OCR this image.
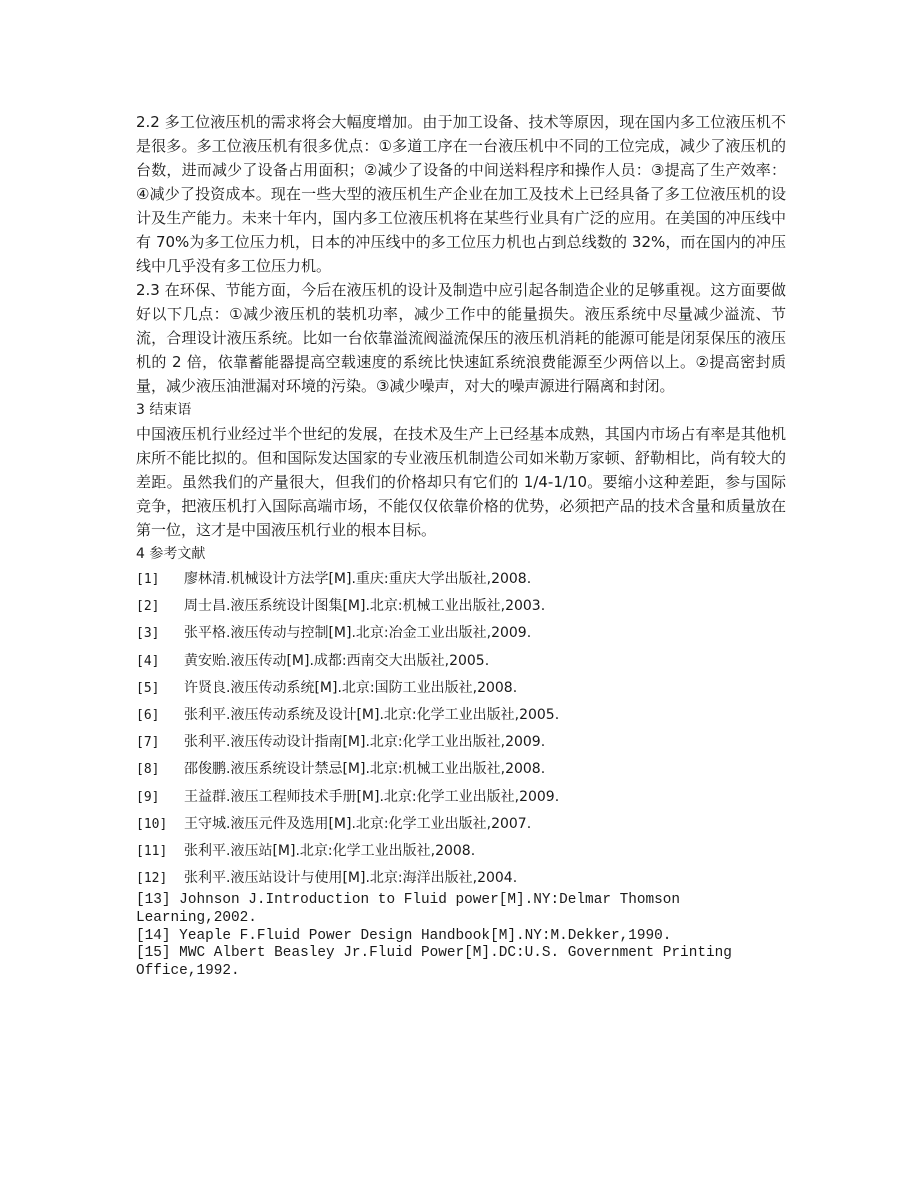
2.2 多工位液压机的需求将会大幅度增加。由于加工设备、技术等原因，现在国内多工位液压机不是很多。多工位液压机有很多优点：①多道工序在一台液压机中不同的工位完成，减少了液压机的台数，进而减少了设备占用面积；②减少了设备的中间送料程序和操作人员：③提高了生产效率：④减少了投资成本。现在一些大型的液压机生产企业在加工及技术上已经具备了多工位液压机的设计及生产能力。未来十年内，国内多工位液压机将在某些行业具有广泛的应用。在美国的冲压线中有 70%为多工位压力机，日本的冲压线中的多工位压力机也占到总线数的 32%，而在国内的冲压线中几乎没有多工位压力机。

2.3 在环保、节能方面，今后在液压机的设计及制造中应引起各制造企业的足够重视。这方面要做好以下几点：①减少液压机的装机功率，减少工作中的能量损失。液压系统中尽量减少溢流、节流，合理设计液压系统。比如一台依靠溢流阀溢流保压的液压机消耗的能源可能是闭泵保压的液压机的 2 倍，依靠蓄能器提高空载速度的系统比快速缸系统浪费能源至少两倍以上。②提高密封质量，减少液压油泄漏对环境的污染。③减少噪声，对大的噪声源进行隔离和封闭。

3 结束语

中国液压机行业经过半个世纪的发展，在技术及生产上已经基本成熟，其国内市场占有率是其他机床所不能比拟的。但和国际发达国家的专业液压机制造公司如米勒万家顿、舒勒相比，尚有较大的差距。虽然我们的产量很大，但我们的价格却只有它们的 1/4-1/10。要缩小这种差距，参与国际竞争，把液压机打入国际高端市场，不能仅仅依靠价格的优势，必须把产品的技术含量和质量放在第一位，这才是中国液压机行业的根本目标。

4 参考文献

[1] 廖林清.机械设计方法学[M].重庆:重庆大学出版社,2008.

[2] 周士昌.液压系统设计图集[M].北京:机械工业出版社,2003.

[3] 张平格.液压传动与控制[M].北京:冶金工业出版社,2009.

[4] 黄安贻.液压传动[M].成都:西南交大出版社,2005.

[5] 许贤良.液压传动系统[M].北京:国防工业出版社,2008.

[6] 张利平.液压传动系统及设计[M].北京:化学工业出版社,2005.

[7] 张利平.液压传动设计指南[M].北京:化学工业出版社,2009.

[8] 邵俊鹏.液压系统设计禁忌[M].北京:机械工业出版社,2008.

[9] 王益群.液压工程师技术手册[M].北京:化学工业出版社,2009.

[10] 王守城.液压元件及选用[M].北京:化学工业出版社,2007.

[11] 张利平.液压站[M].北京:化学工业出版社,2008.

[12] 张利平.液压站设计与使用[M].北京:海洋出版社,2004.

[13] Johnson J.Introduction to Fluid power[M].NY:Delmar Thomson Learning,2002.

[14] Yeaple F.Fluid Power Design Handbook[M].NY:M.Dekker,1990.

[15] MWC Albert Beasley Jr.Fluid Power[M].DC:U.S. Government Printing Office,1992.
